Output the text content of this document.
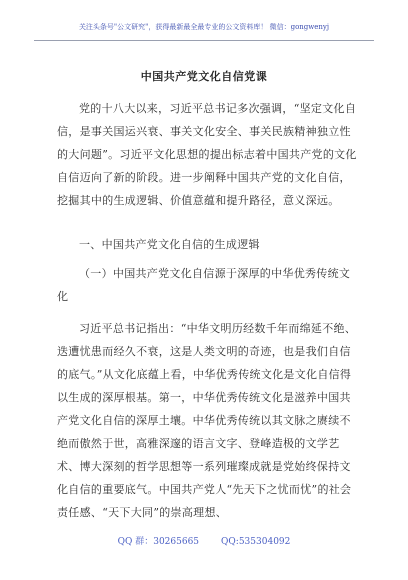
关注头条号"公文研究"，获得最新最全最专业的公文资料库！ 微信：gongwenyj
中国共产党文化自信党课
党的十八大以来，习近平总书记多次强调，“坚定文化自信，是事关国运兴衰、事关文化安全、事关民族精神独立性的大问题”。习近平文化思想的提出标志着中国共产党的文化自信迈向了新的阶段。进一步阐释中国共产党的文化自信，挖掘其中的生成逻辑、价值意蕴和提升路径，意义深远。
一、中国共产党文化自信的生成逻辑
（一）中国共产党文化自信源于深厚的中华优秀传统文化
习近平总书记指出：“中华文明历经数千年而绵延不绝、迭遭忧患而经久不衰，这是人类文明的奇迹，也是我们自信的底气。”从文化底蕴上看，中华优秀传统文化是文化自信得以生成的深厚根基。第一，中华优秀传统文化是滋养中国共产党文化自信的深厚土壤。中华优秀传统以其文脉之赓续不绝而傲然于世，高雅深邃的语言文字、登峰造极的文学艺术、博大深刻的哲学思想等一系列璀璨成就是党始终保持文化自信的重要底气。中国共产党人“先天下之忧而忧”的社会责任感、“天下大同”的崇高理想、
QQ 群：30265665 QQ:535304092
